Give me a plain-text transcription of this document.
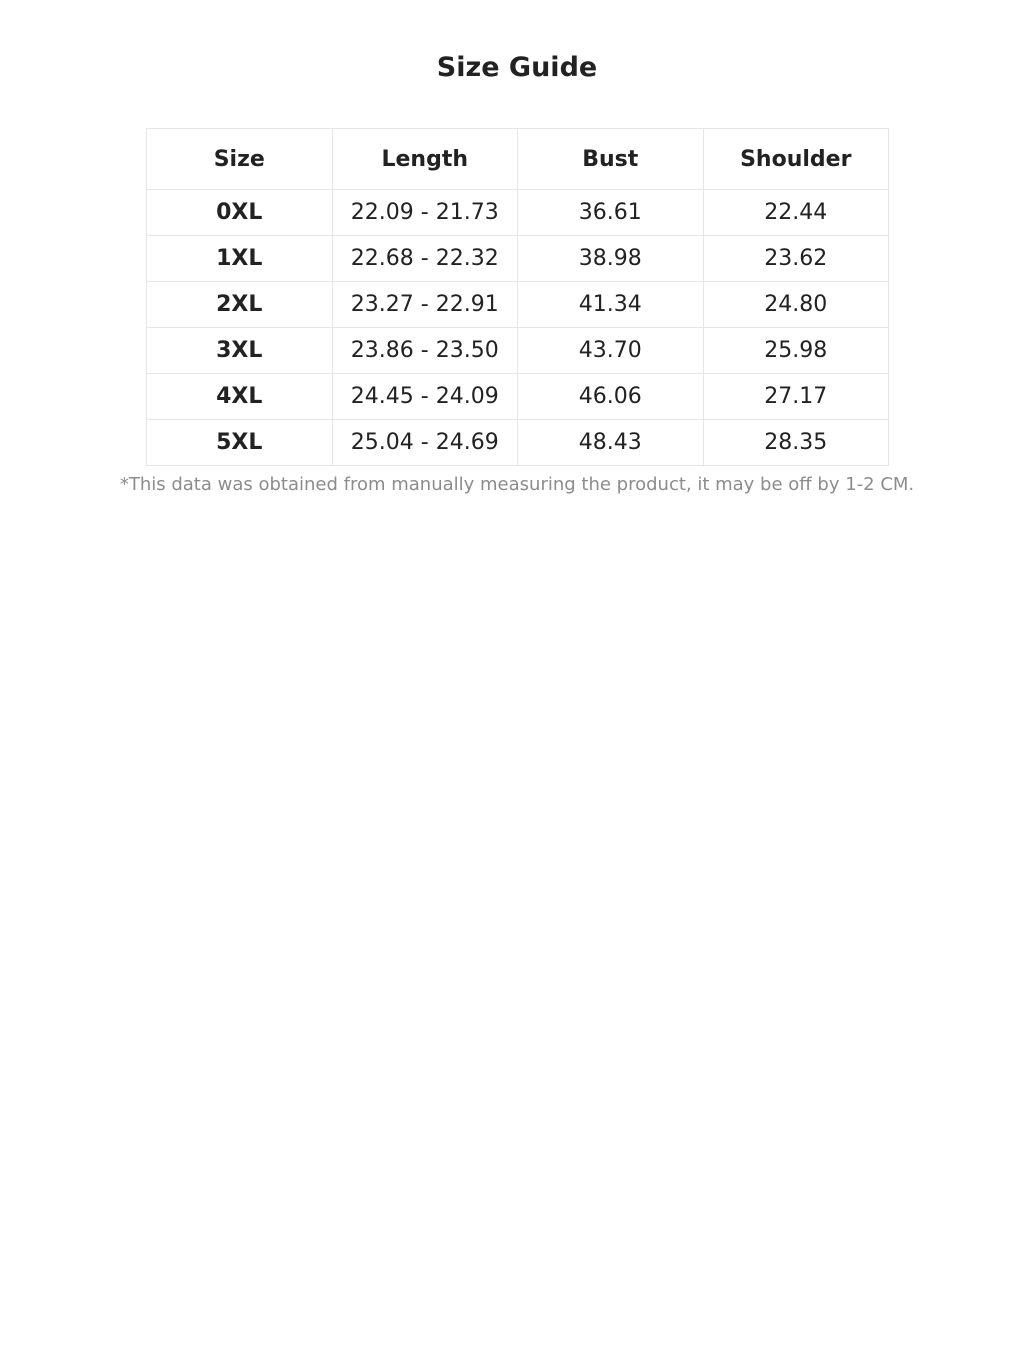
Size Guide
Size	Length	Bust	Shoulder
0XL	22.09 - 21.73	36.61	22.44
1XL	22.68 - 22.32	38.98	23.62
2XL	23.27 - 22.91	41.34	24.80
3XL	23.86 - 23.50	43.70	25.98
4XL	24.45 - 24.09	46.06	27.17
5XL	25.04 - 24.69	48.43	28.35

*This data was obtained from manually measuring the product, it may be off by 1-2 CM.
